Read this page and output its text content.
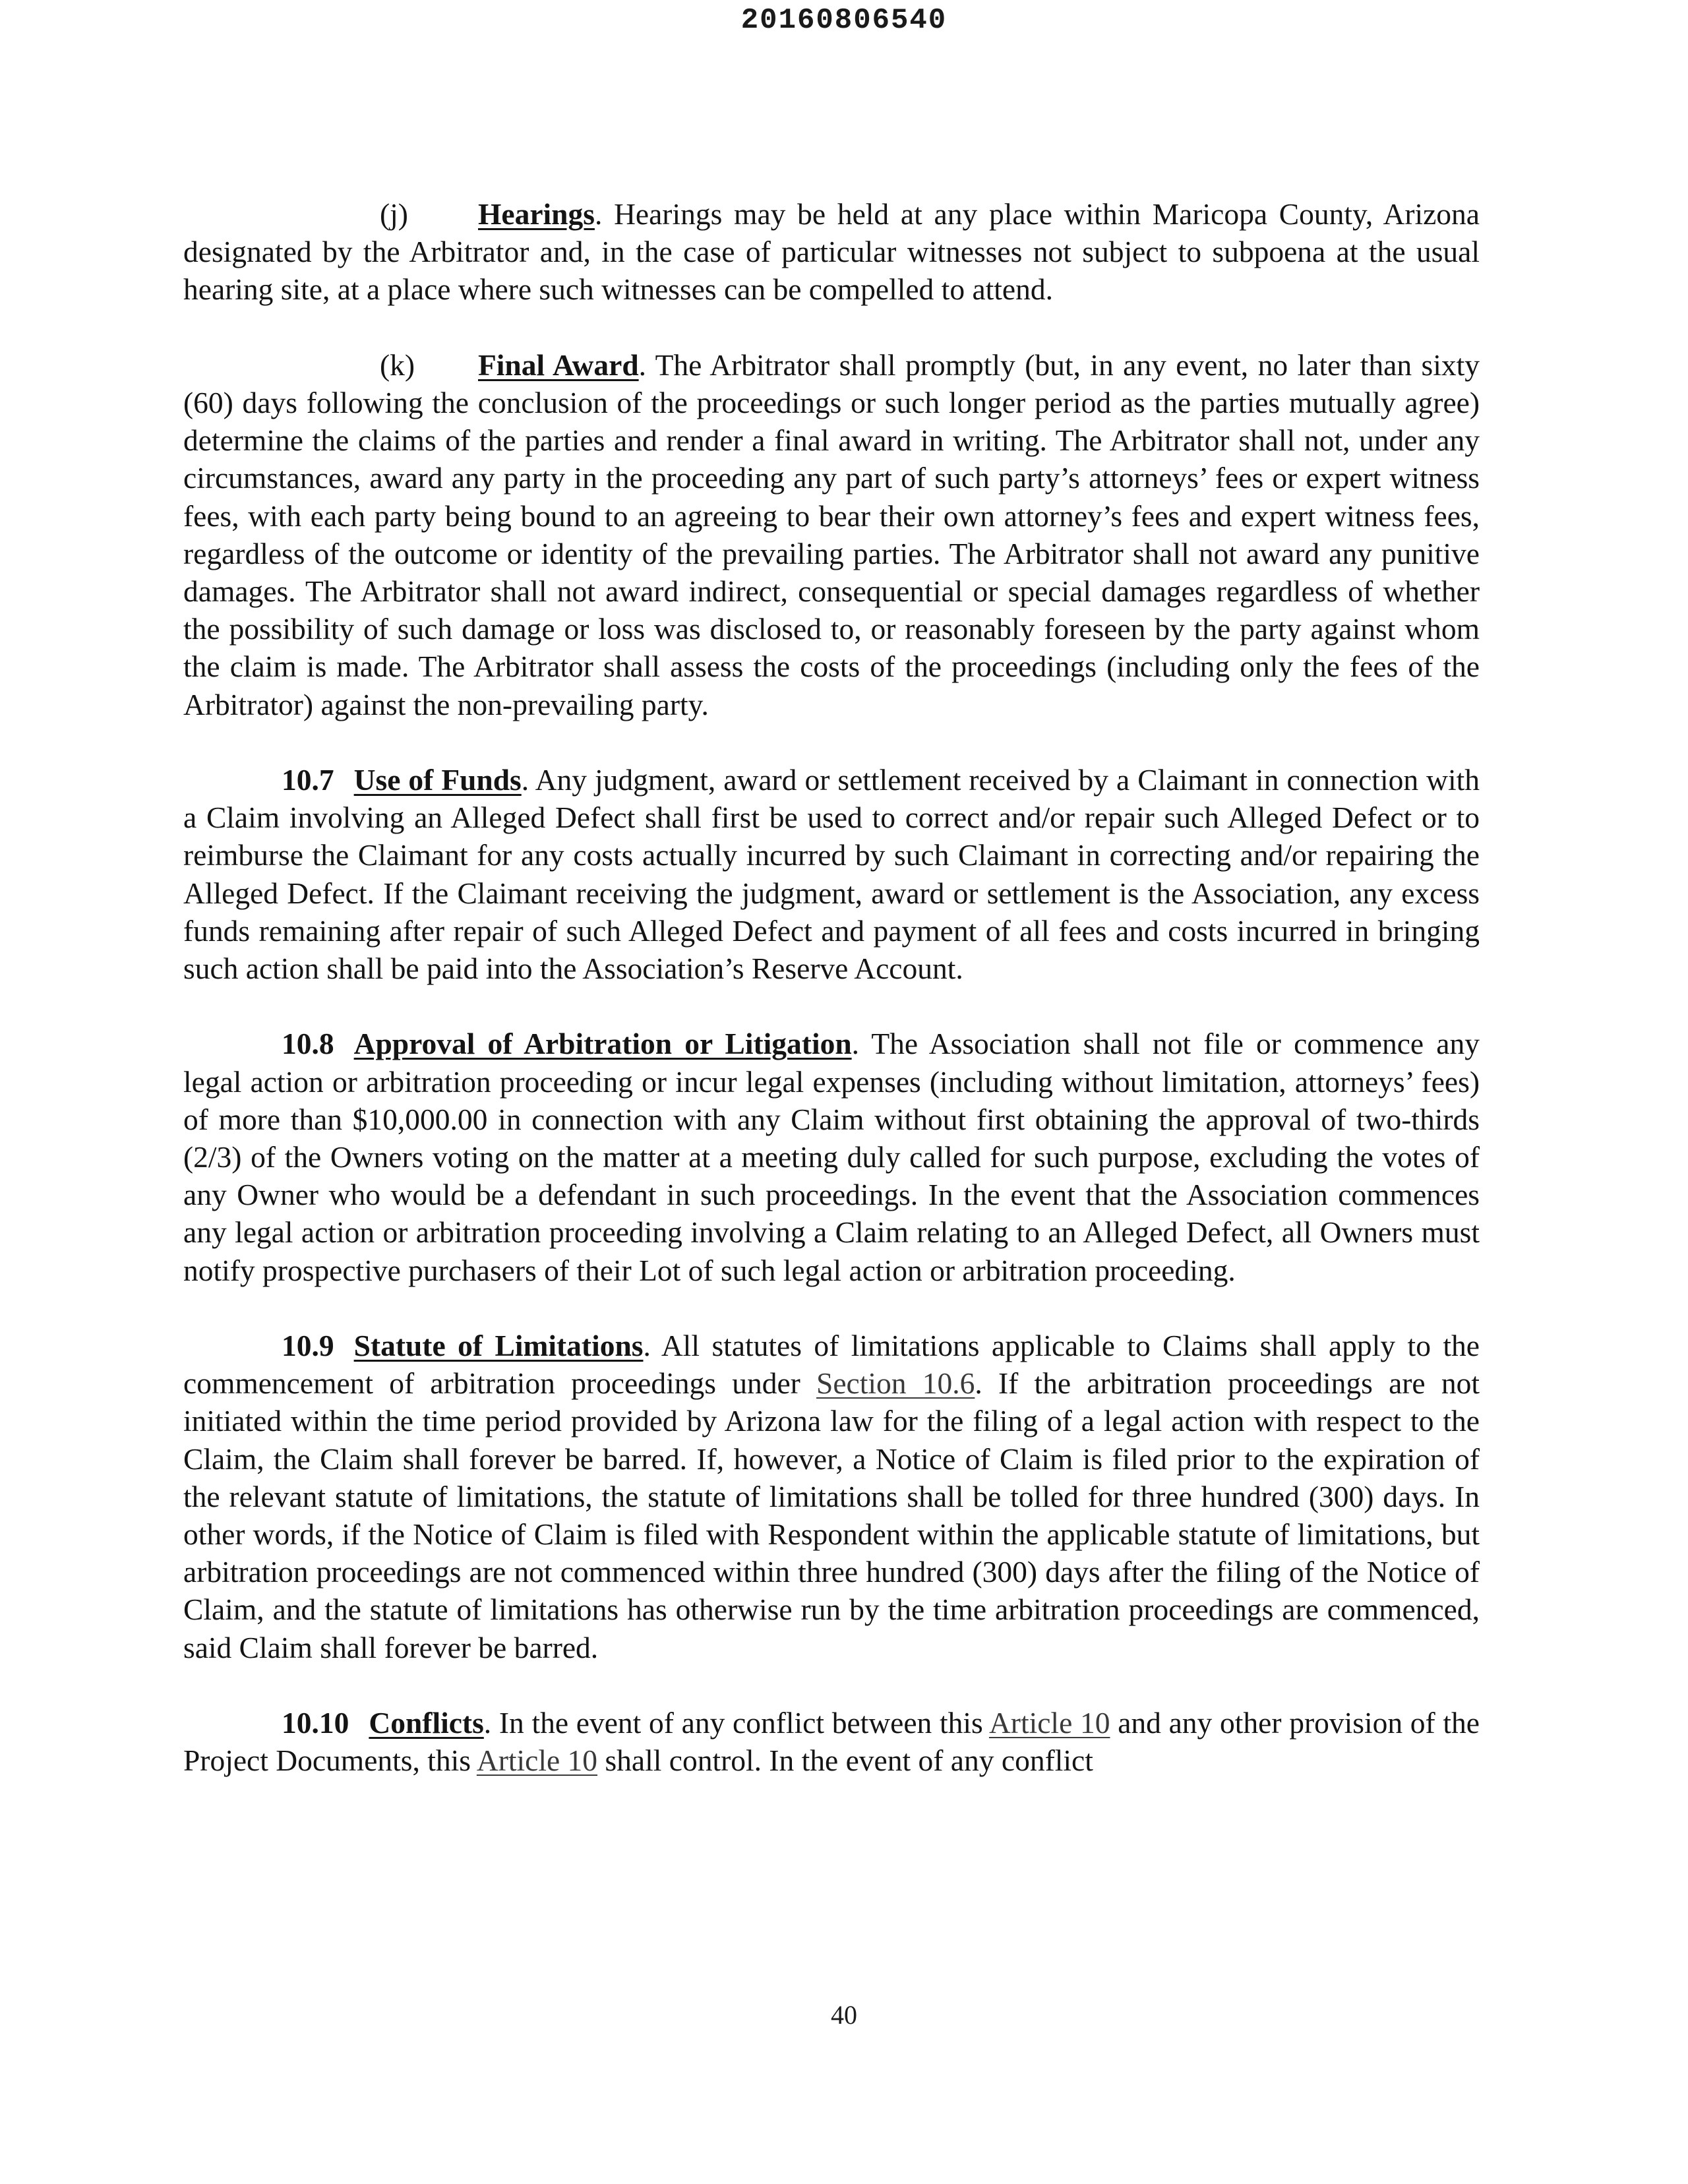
20160806540

(j) Hearings. Hearings may be held at any place within Maricopa County, Arizona designated by the Arbitrator and, in the case of particular witnesses not subject to subpoena at the usual hearing site, at a place where such witnesses can be compelled to attend.

(k) Final Award. The Arbitrator shall promptly (but, in any event, no later than sixty (60) days following the conclusion of the proceedings or such longer period as the parties mutually agree) determine the claims of the parties and render a final award in writing. The Arbitrator shall not, under any circumstances, award any party in the proceeding any part of such party’s attorneys’ fees or expert witness fees, with each party being bound to an agreeing to bear their own attorney’s fees and expert witness fees, regardless of the outcome or identity of the prevailing parties. The Arbitrator shall not award any punitive damages. The Arbitrator shall not award indirect, consequential or special damages regardless of whether the possibility of such damage or loss was disclosed to, or reasonably foreseen by the party against whom the claim is made. The Arbitrator shall assess the costs of the proceedings (including only the fees of the Arbitrator) against the non-prevailing party.

10.7 Use of Funds. Any judgment, award or settlement received by a Claimant in connection with a Claim involving an Alleged Defect shall first be used to correct and/or repair such Alleged Defect or to reimburse the Claimant for any costs actually incurred by such Claimant in correcting and/or repairing the Alleged Defect. If the Claimant receiving the judgment, award or settlement is the Association, any excess funds remaining after repair of such Alleged Defect and payment of all fees and costs incurred in bringing such action shall be paid into the Association’s Reserve Account.

10.8 Approval of Arbitration or Litigation. The Association shall not file or commence any legal action or arbitration proceeding or incur legal expenses (including without limitation, attorneys’ fees) of more than $10,000.00 in connection with any Claim without first obtaining the approval of two-thirds (2/3) of the Owners voting on the matter at a meeting duly called for such purpose, excluding the votes of any Owner who would be a defendant in such proceedings. In the event that the Association commences any legal action or arbitration proceeding involving a Claim relating to an Alleged Defect, all Owners must notify prospective purchasers of their Lot of such legal action or arbitration proceeding.

10.9 Statute of Limitations. All statutes of limitations applicable to Claims shall apply to the commencement of arbitration proceedings under Section 10.6. If the arbitration proceedings are not initiated within the time period provided by Arizona law for the filing of a legal action with respect to the Claim, the Claim shall forever be barred. If, however, a Notice of Claim is filed prior to the expiration of the relevant statute of limitations, the statute of limitations shall be tolled for three hundred (300) days. In other words, if the Notice of Claim is filed with Respondent within the applicable statute of limitations, but arbitration proceedings are not commenced within three hundred (300) days after the filing of the Notice of Claim, and the statute of limitations has otherwise run by the time arbitration proceedings are commenced, said Claim shall forever be barred.

10.10 Conflicts. In the event of any conflict between this Article 10 and any other provision of the Project Documents, this Article 10 shall control. In the event of any conflict

40
